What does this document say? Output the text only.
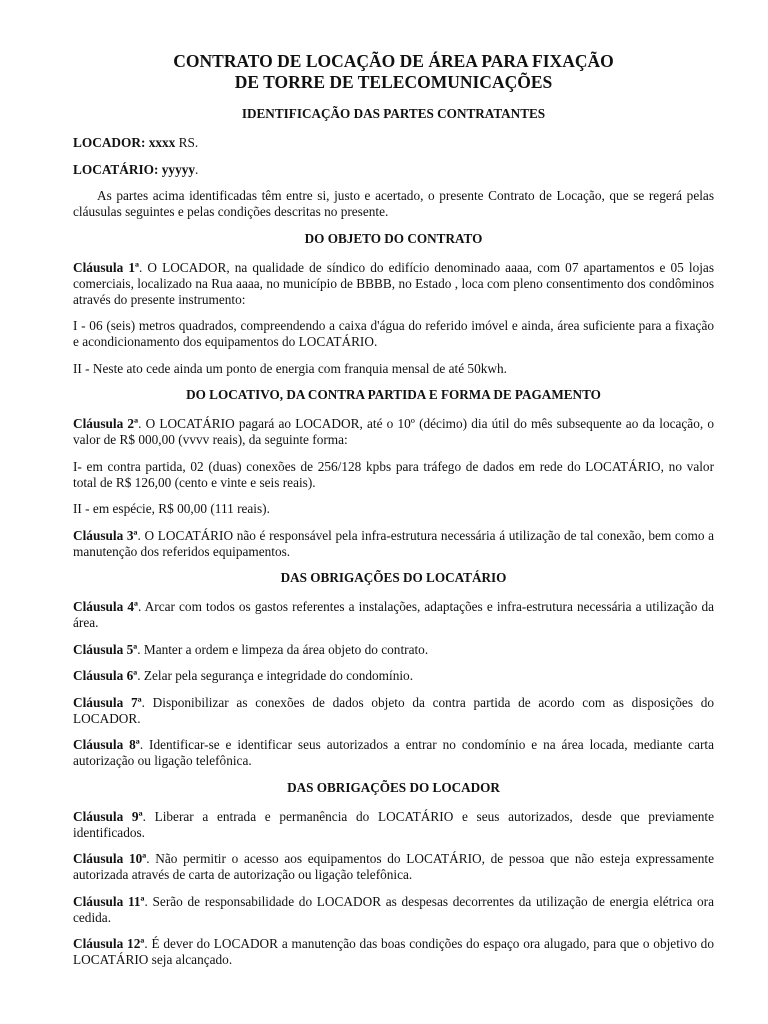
CONTRATO DE LOCAÇÃO DE ÁREA PARA FIXAÇÃO
DE TORRE DE TELECOMUNICAÇÕES
IDENTIFICAÇÃO DAS PARTES CONTRATANTES

LOCADOR: xxxx RS.

LOCATÁRIO: yyyyy.

As partes acima identificadas têm entre si, justo e acertado, o presente Contrato de Locação, que se regerá pelas cláusulas seguintes e pelas condições descritas no presente.

DO OBJETO DO CONTRATO

Cláusula 1ª. O LOCADOR, na qualidade de síndico do edifício denominado aaaa, com 07 apartamentos e 05 lojas comerciais, localizado na Rua aaaa, no município de BBBB, no Estado , loca com pleno consentimento dos condôminos através do presente instrumento:

I - 06 (seis) metros quadrados, compreendendo a caixa d'água do referido imóvel e ainda, área suficiente para a fixação e acondicionamento dos equipamentos do LOCATÁRIO.

II - Neste ato cede ainda um ponto de energia com franquia mensal de até 50kwh.

DO LOCATIVO, DA CONTRA PARTIDA E FORMA DE PAGAMENTO

Cláusula 2ª. O LOCATÁRIO pagará ao LOCADOR, até o 10º (décimo) dia útil do mês subsequente ao da locação, o valor de R$ 000,00 (vvvv reais), da seguinte forma:

I- em contra partida, 02 (duas) conexões de 256/128 kpbs para tráfego de dados em rede do LOCATÁRIO, no valor total de R$ 126,00 (cento e vinte e seis reais).

II - em espécie, R$ 00,00 (111 reais).

Cláusula 3ª. O LOCATÁRIO não é responsável pela infra-estrutura necessária á utilização de tal conexão, bem como a manutenção dos referidos equipamentos.

DAS OBRIGAÇÕES DO LOCATÁRIO

Cláusula 4ª. Arcar com todos os gastos referentes a instalações, adaptações e infra-estrutura necessária a utilização da área.

Cláusula 5ª. Manter a ordem e limpeza da área objeto do contrato.

Cláusula 6ª. Zelar pela segurança e integridade do condomínio.

Cláusula 7ª. Disponibilizar as conexões de dados objeto da contra partida de acordo com as disposições do LOCADOR.

Cláusula 8ª. Identificar-se e identificar seus autorizados a entrar no condomínio e na área locada, mediante carta autorização ou ligação telefônica.

DAS OBRIGAÇÕES DO LOCADOR

Cláusula 9ª. Liberar a entrada e permanência do LOCATÁRIO e seus autorizados, desde que previamente identificados.

Cláusula 10ª. Não permitir o acesso aos equipamentos do LOCATÁRIO, de pessoa que não esteja expressamente autorizada através de carta de autorização ou ligação telefônica.

Cláusula 11ª. Serão de responsabilidade do LOCADOR as despesas decorrentes da utilização de energia elétrica ora cedida.

Cláusula 12ª. É dever do LOCADOR a manutenção das boas condições do espaço ora alugado, para que o objetivo do LOCATÁRIO seja alcançado.
